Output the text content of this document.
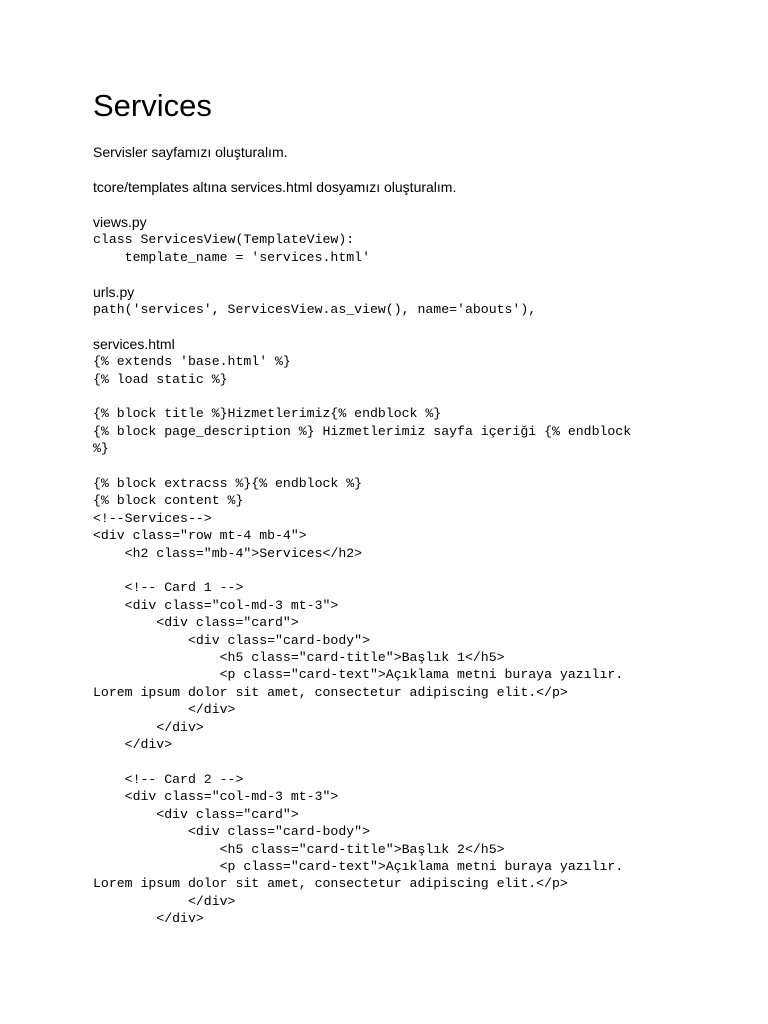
Services

Servisler sayfamızı oluşturalım.

tcore/templates altına services.html dosyamızı oluşturalım.

views.py
class ServicesView(TemplateView):
template_name = 'services.html'
urls.py
path('services', ServicesView.as_view(), name='abouts'),
services.html
{% extends 'base.html' %}
{% load static %}

{% block title %}Hizmetlerimiz{% endblock %}
{% block page_description %} Hizmetlerimiz sayfa içeriği {% endblock
%}

{% block extracss %}{% endblock %}
{% block content %}
<!--Services-->
<div class="row mt-4 mb-4">
<h2 class="mb-4">Services</h2>

<!-- Card 1 -->
<div class="col-md-3 mt-3">
<div class="card">
<div class="card-body">
<h5 class="card-title">Başlık 1</h5>
<p class="card-text">Açıklama metni buraya yazılır.
Lorem ipsum dolor sit amet, consectetur adipiscing elit.</p>
</div>
</div>
</div>

<!-- Card 2 -->
<div class="col-md-3 mt-3">
<div class="card">
<div class="card-body">
<h5 class="card-title">Başlık 2</h5>
<p class="card-text">Açıklama metni buraya yazılır.
Lorem ipsum dolor sit amet, consectetur adipiscing elit.</p>
</div>
</div>
